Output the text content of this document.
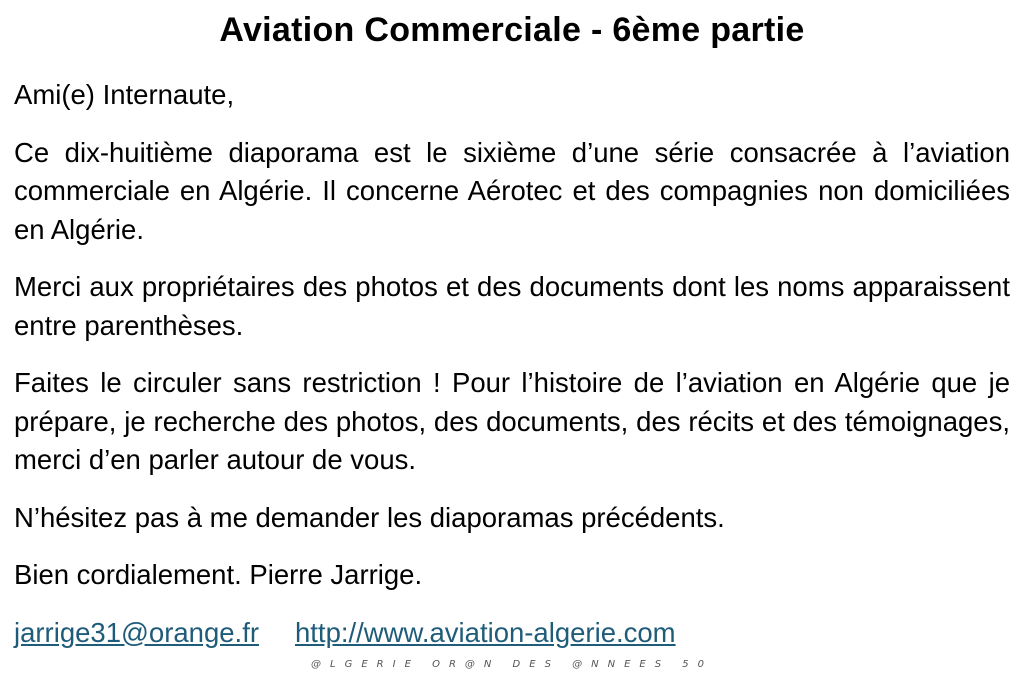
Aviation Commerciale - 6ème partie

Ami(e) Internaute,

Ce dix-huitième diaporama est le sixième d’une série consacrée à l’aviation commerciale en Algérie. Il concerne Aérotec et des compagnies non domiciliées en Algérie.

Merci aux propriétaires des photos et des documents dont les noms apparaissent entre parenthèses.

Faites le circuler sans restriction ! Pour l’histoire de l’aviation en Algérie que je prépare, je recherche des photos, des documents, des récits et des témoignages, merci d’en parler autour de vous.

N’hésitez pas à me demander les diaporamas précédents.

Bien cordialement. Pierre Jarrige.

jarrige31@orange.fr http://www.aviation-algerie.com

@LGERIE OR@N DES @NNEES 50
